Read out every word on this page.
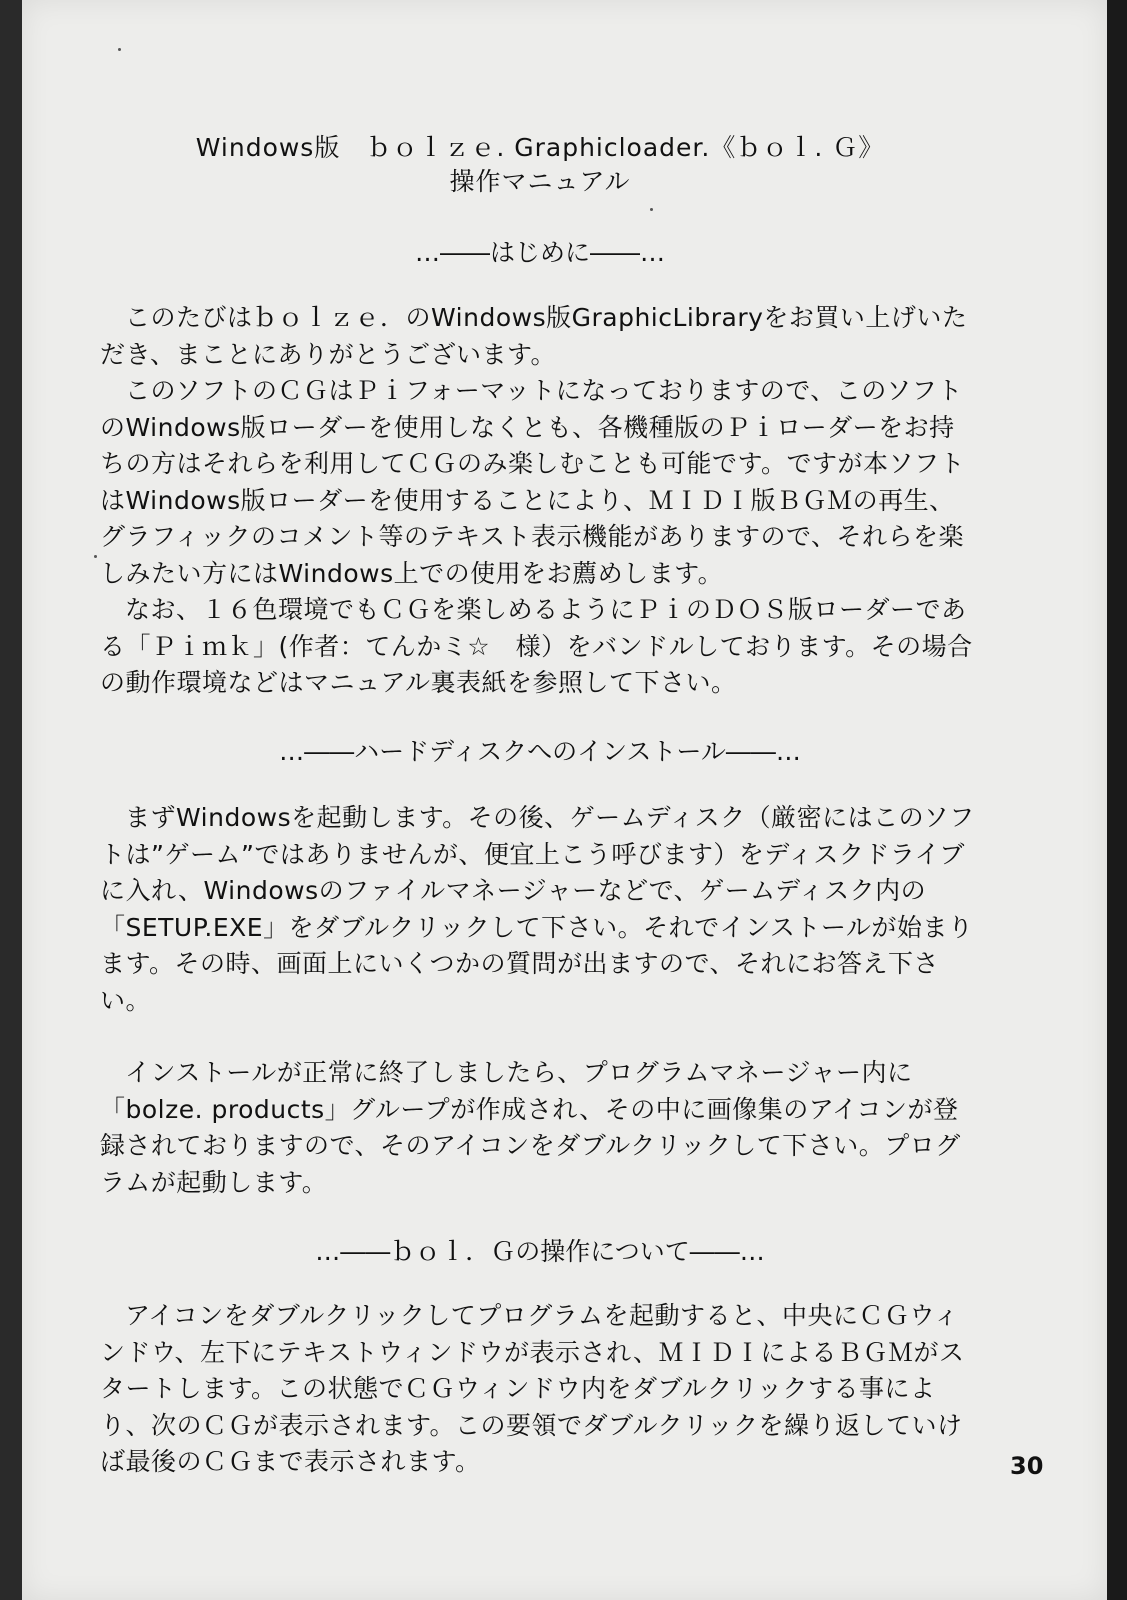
Windows版　ｂｏｌｚｅ. Graphicloader.《ｂｏｌ. Ｇ》
操作マニュアル
…――はじめに――…

このたびはｂｏｌｚｅ．のWindows版GraphicLibraryをお買い上げいただき、まことにありがとうございます。

このソフトのＣＧはＰｉフォーマットになっておりますので、このソフトのWindows版ローダーを使用しなくとも、各機種版のＰｉローダーをお持ちの方はそれらを利用してＣＧのみ楽しむことも可能です。ですが本ソフトはWindows版ローダーを使用することにより、ＭＩＤＩ版ＢＧＭの再生、グラフィックのコメント等のテキスト表示機能がありますので、それらを楽しみたい方にはWindows上での使用をお薦めします。

なお、１６色環境でもＣＧを楽しめるようにＰｉのＤＯＳ版ローダーである「Ｐｉｍｋ」(作者：てんかミ☆　様）をバンドルしております。その場合の動作環境などはマニュアル裏表紙を参照して下さい。

…――ハードディスクへのインストール――…

まずWindowsを起動します。その後、ゲームディスク（厳密にはこのソフトは”ゲーム”ではありませんが、便宜上こう呼びます）をディスクドライブに入れ、Windowsのファイルマネージャーなどで、ゲームディスク内の「SETUP.EXE」をダブルクリックして下さい。それでインストールが始まります。その時、画面上にいくつかの質問が出ますので、それにお答え下さい。

インストールが正常に終了しましたら、プログラムマネージャー内に「bolze. products」グループが作成され、その中に画像集のアイコンが登録されておりますので、そのアイコンをダブルクリックして下さい。プログラムが起動します。

…――ｂｏｌ．Ｇの操作について――…

アイコンをダブルクリックしてプログラムを起動すると、中央にＣＧウィンドウ、左下にテキストウィンドウが表示され、ＭＩＤＩによるＢＧＭがスタートします。この状態でＣＧウィンドウ内をダブルクリックする事により、次のＣＧが表示されます。この要領でダブルクリックを繰り返していけば最後のＣＧまで表示されます。	30
